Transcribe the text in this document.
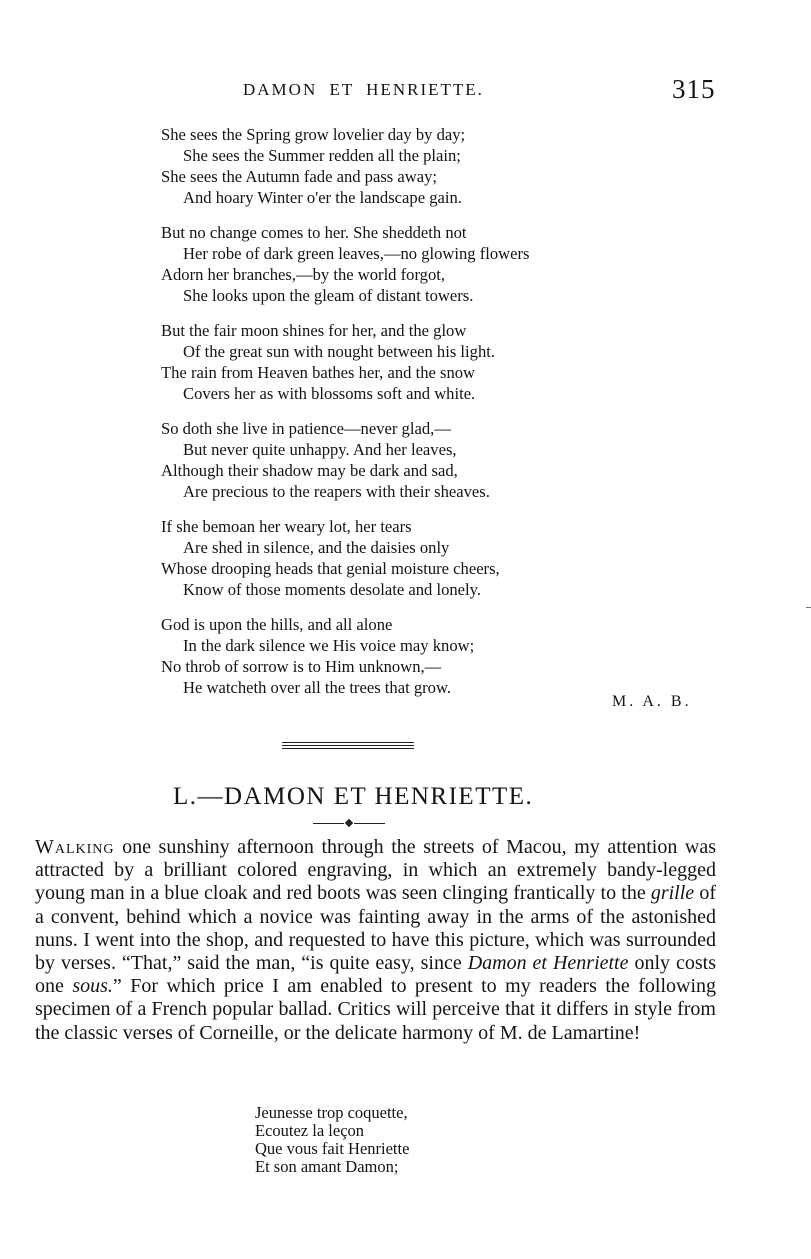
DAMON ET HENRIETTE.	315
She sees the Spring grow lovelier day by day;
She sees the Summer redden all the plain;
She sees the Autumn fade and pass away;
And hoary Winter o'er the landscape gain.
But no change comes to her. She sheddeth not
Her robe of dark green leaves,—no glowing flowers
Adorn her branches,—by the world forgot,
She looks upon the gleam of distant towers.
But the fair moon shines for her, and the glow
Of the great sun with nought between his light.
The rain from Heaven bathes her, and the snow
Covers her as with blossoms soft and white.
So doth she live in patience—never glad,—
But never quite unhappy. And her leaves,
Although their shadow may be dark and sad,
Are precious to the reapers with their sheaves.
If she bemoan her weary lot, her tears
Are shed in silence, and the daisies only
Whose drooping heads that genial moisture cheers,
Know of those moments desolate and lonely.
God is upon the hills, and all alone
In the dark silence we His voice may know;
No throb of sorrow is to Him unknown,—
He watcheth over all the trees that grow.
M. A. B.
L.—DAMON ET HENRIETTE.
Walking one sunshiny afternoon through the streets of Macou, my attention was attracted by a brilliant colored engraving, in which an extremely bandy-legged young man in a blue cloak and red boots was seen clinging frantically to the grille of a convent, behind which a novice was fainting away in the arms of the astonished nuns. I went into the shop, and requested to have this picture, which was surrounded by verses. “That,” said the man, “is quite easy, since Damon et Henriette only costs one sous.” For which price I am enabled to present to my readers the following specimen of a French popular ballad. Critics will perceive that it differs in style from the classic verses of Corneille, or the delicate harmony of M. de Lamartine!
Jeunesse trop coquette,
Ecoutez la leçon
Que vous fait Henriette
Et son amant Damon;
